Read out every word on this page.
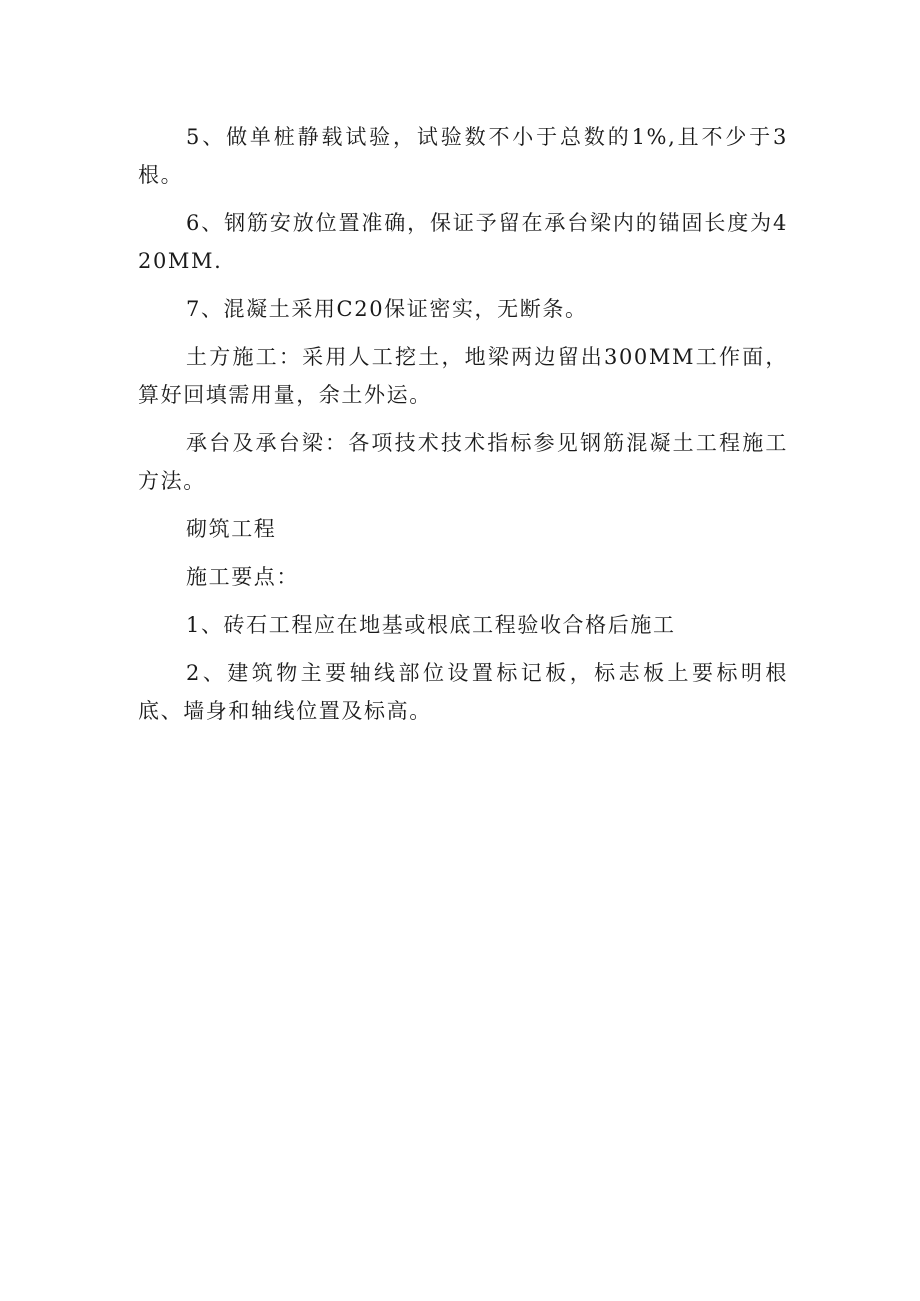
5、做单桩静载试验，试验数不小于总数的1%,且不少于3根。

6、钢筋安放位置准确，保证予留在承台梁内的锚固长度为420MM.

7、混凝土采用C20保证密实，无断条。

土方施工：采用人工挖土，地梁两边留出300MM工作面，算好回填需用量，余土外运。

承台及承台梁：各项技术技术指标参见钢筋混凝土工程施工方法。

砌筑工程

施工要点：

1、砖石工程应在地基或根底工程验收合格后施工

2、建筑物主要轴线部位设置标记板，标志板上要标明根底、墙身和轴线位置及标高。
